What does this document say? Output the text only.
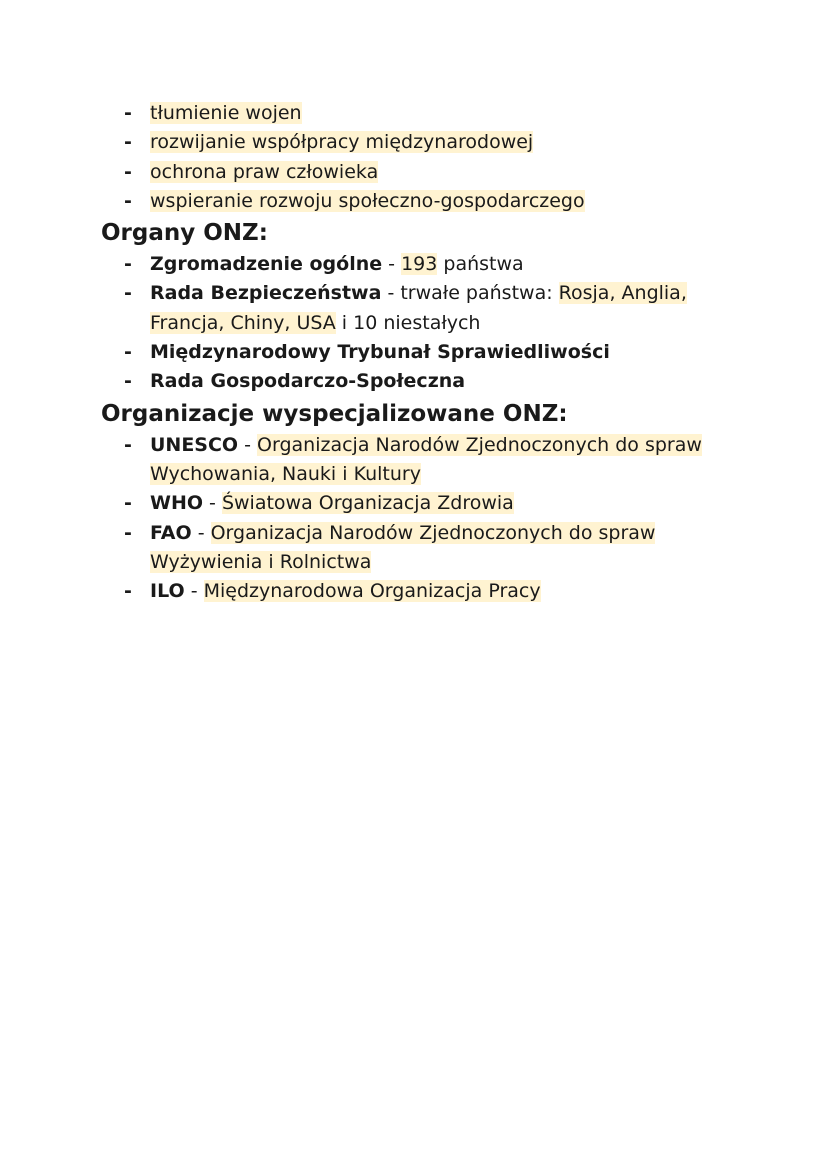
- tłumienie wojen
- rozwijanie współpracy międzynarodowej
- ochrona praw człowieka
- wspieranie rozwoju społeczno-gospodarczego
Organy ONZ:
- Zgromadzenie ogólne - 193 państwa
- Rada Bezpieczeństwa - trwałe państwa: Rosja, Anglia, Francja, Chiny, USA i 10 niestałych
- Międzynarodowy Trybunał Sprawiedliwości
- Rada Gospodarczo-Społeczna
Organizacje wyspecjalizowane ONZ:
- UNESCO - Organizacja Narodów Zjednoczonych do spraw Wychowania, Nauki i Kultury
- WHO - Światowa Organizacja Zdrowia
- FAO - Organizacja Narodów Zjednoczonych do spraw Wyżywienia i Rolnictwa
- ILO - Międzynarodowa Organizacja Pracy
